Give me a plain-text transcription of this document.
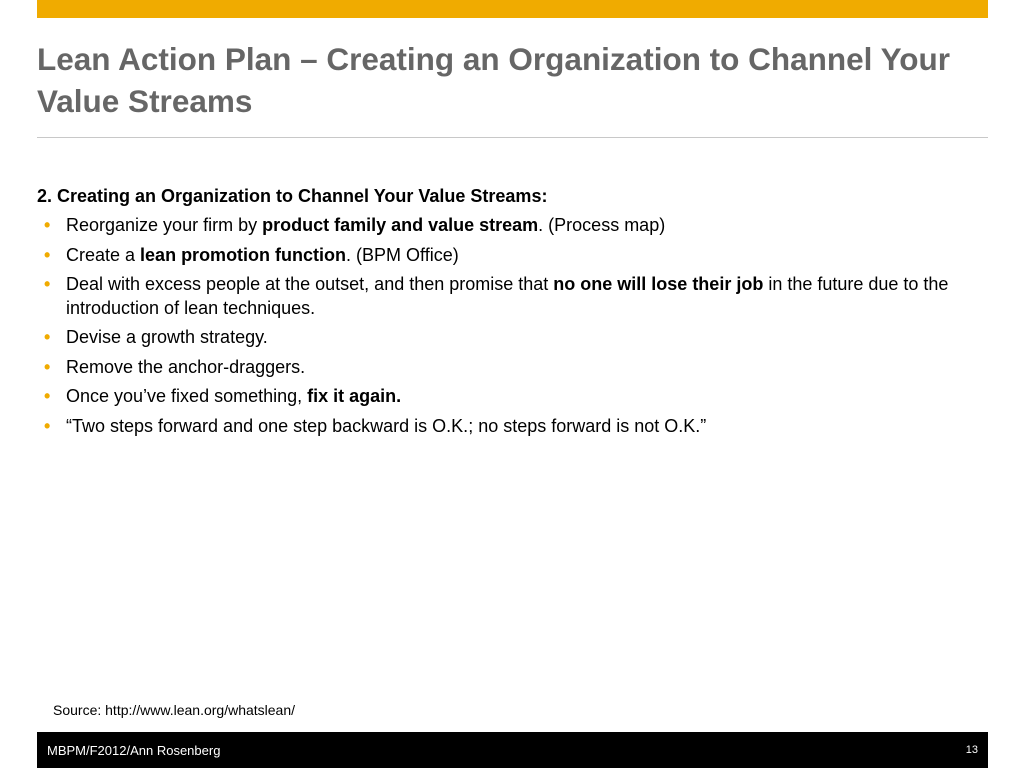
Lean Action Plan – Creating an Organization to Channel Your Value Streams
2. Creating an Organization to Channel Your Value Streams:
• Reorganize your firm by product family and value stream. (Process map)
• Create a lean promotion function. (BPM Office)
• Deal with excess people at the outset, and then promise that no one will lose their job in the future due to the introduction of lean techniques.
• Devise a growth strategy.
• Remove the anchor-draggers.
• Once you’ve fixed something, fix it again.
• “Two steps forward and one step backward is O.K.; no steps forward is not O.K.”
Source: http://www.lean.org/whatslean/
MBPM/F2012/Ann Rosenberg	13
